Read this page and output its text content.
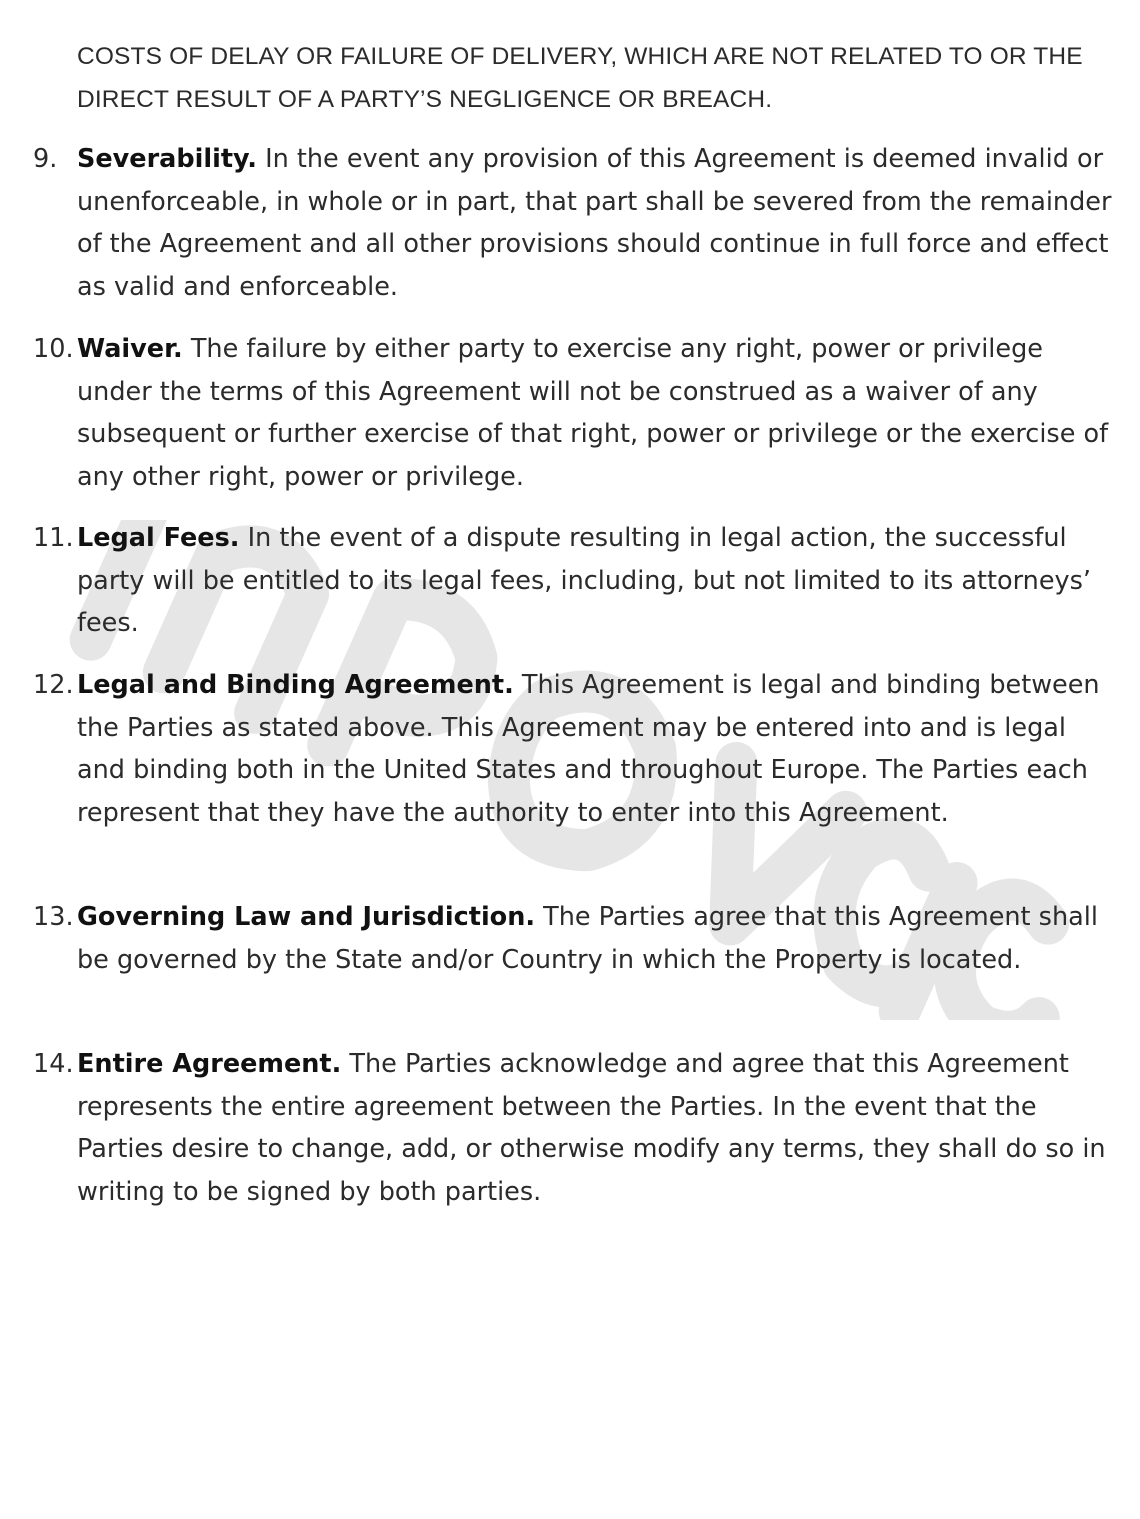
COSTS OF DELAY OR FAILURE OF DELIVERY, WHICH ARE NOT RELATED TO OR THE DIRECT RESULT OF A PARTY’S NEGLIGENCE OR BREACH.
9. Severability. In the event any provision of this Agreement is deemed invalid or unenforceable, in whole or in part, that part shall be severed from the remainder of the Agreement and all other provisions should continue in full force and effect as valid and enforceable.
10. Waiver. The failure by either party to exercise any right, power or privilege under the terms of this Agreement will not be construed as a waiver of any subsequent or further exercise of that right, power or privilege or the exercise of any other right, power or privilege.
11. Legal Fees. In the event of a dispute resulting in legal action, the successful party will be entitled to its legal fees, including, but not limited to its attorneys’ fees.
12. Legal and Binding Agreement. This Agreement is legal and binding between the Parties as stated above. This Agreement may be entered into and is legal and binding both in the United States and throughout Europe. The Parties each represent that they have the authority to enter into this Agreement.
13. Governing Law and Jurisdiction. The Parties agree that this Agreement shall be governed by the State and/or Country in which the Property is located.
14. Entire Agreement. The Parties acknowledge and agree that this Agreement represents the entire agreement between the Parties. In the event that the Parties desire to change, add, or otherwise modify any terms, they shall do so in writing to be signed by both parties.
